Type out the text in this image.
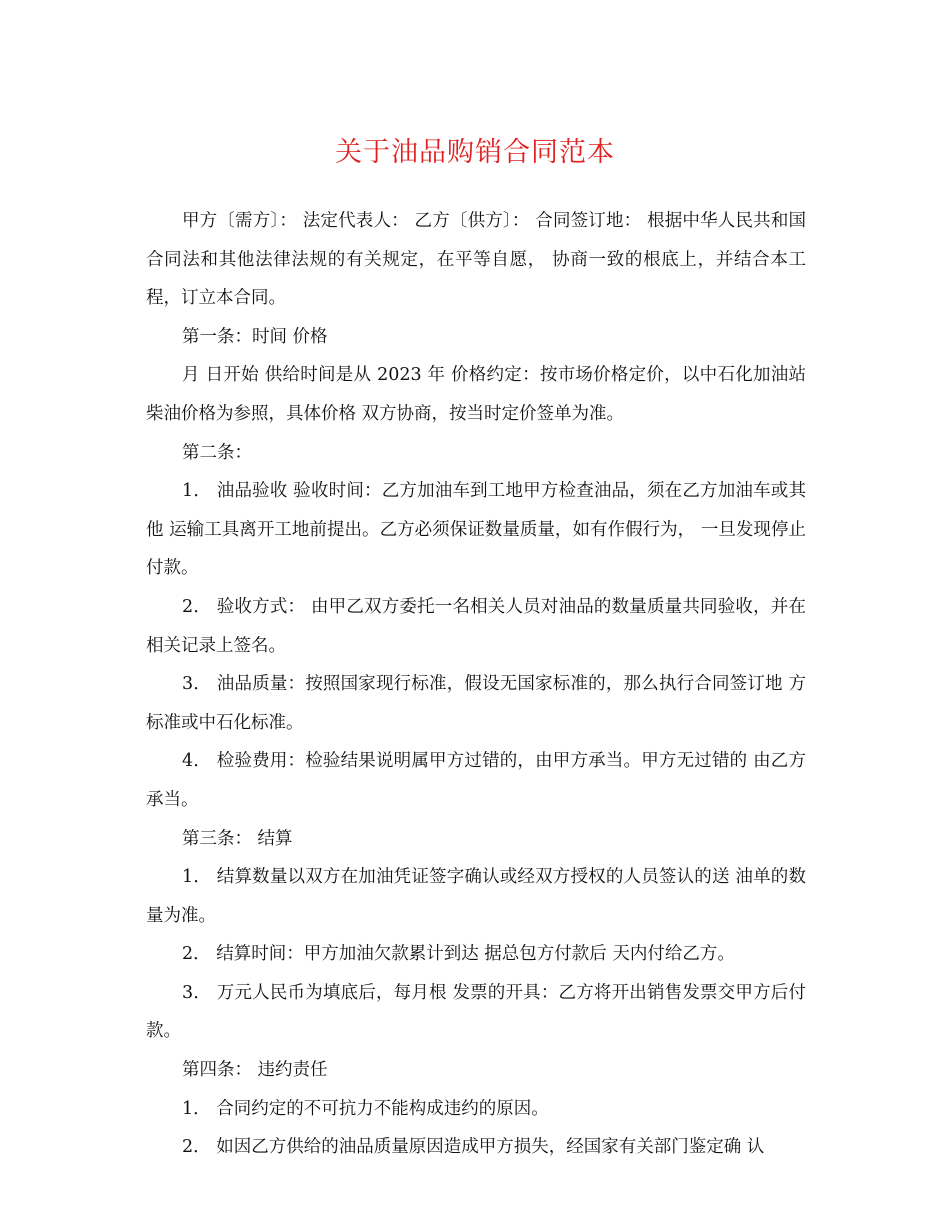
关于油品购销合同范本

甲方〔需方〕： 法定代表人： 乙方〔供方〕： 合同签订地： 根据中华人民共和国合同法和其他法律法规的有关规定，在平等自愿， 协商一致的根底上，并结合本工程，订立本合同。

第一条：时间 价格

月 日开始 供给时间是从 2023 年 价格约定：按市场价格定价，以中石化加油站柴油价格为参照，具体价格 双方协商，按当时定价签单为准。

第二条：

1． 油品验收 验收时间：乙方加油车到工地甲方检查油品，须在乙方加油车或其他 运输工具离开工地前提出。乙方必须保证数量质量，如有作假行为， 一旦发现停止付款。

2． 验收方式： 由甲乙双方委托一名相关人员对油品的数量质量共同验收，并在相关记录上签名。

3． 油品质量：按照国家现行标准，假设无国家标准的，那么执行合同签订地 方标准或中石化标准。

4． 检验费用：检验结果说明属甲方过错的，由甲方承当。甲方无过错的 由乙方承当。

第三条： 结算

1． 结算数量以双方在加油凭证签字确认或经双方授权的人员签认的送 油单的数量为准。

2． 结算时间：甲方加油欠款累计到达 据总包方付款后 天内付给乙方。

3． 万元人民币为填底后，每月根 发票的开具：乙方将开出销售发票交甲方后付款。

第四条： 违约责任

1． 合同约定的不可抗力不能构成违约的原因。

2． 如因乙方供给的油品质量原因造成甲方损失，经国家有关部门鉴定确 认
